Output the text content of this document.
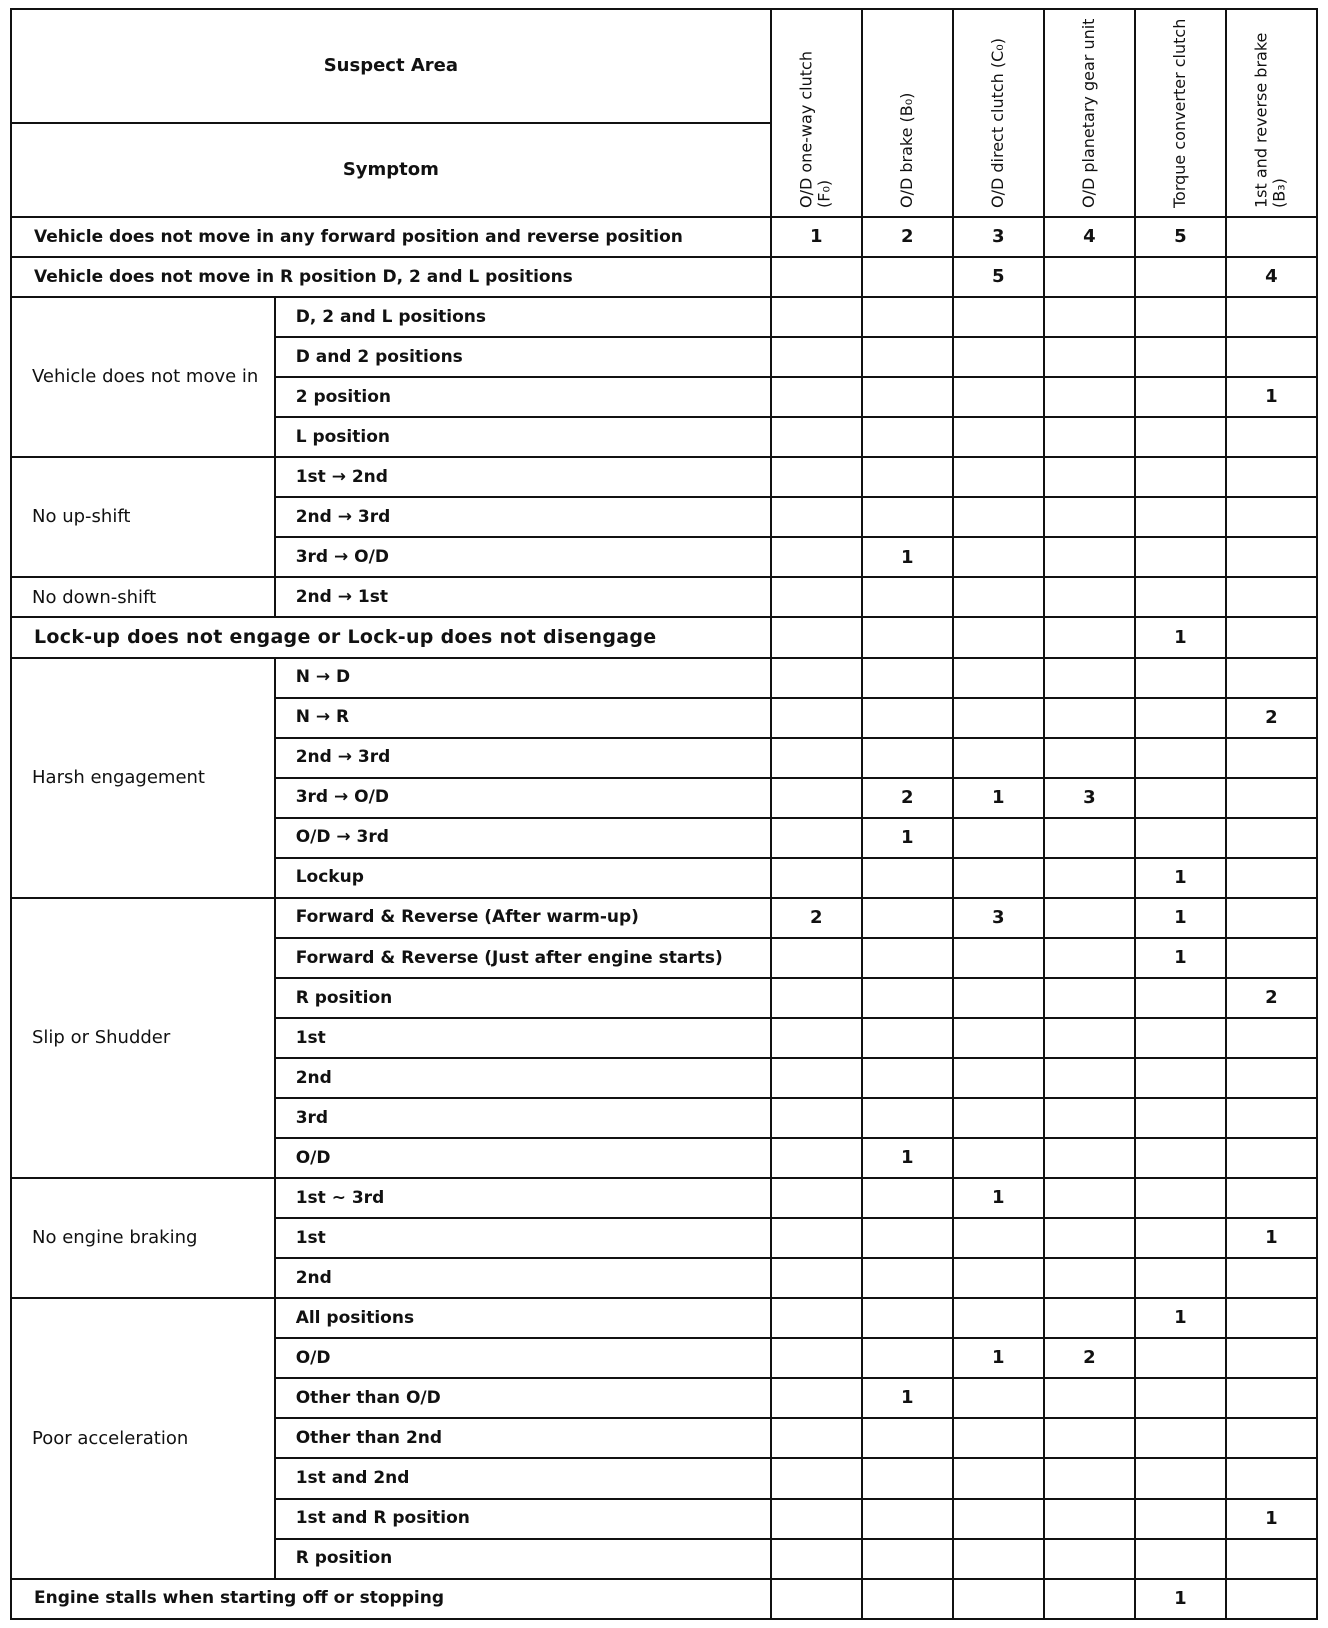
Suspect Area
Symptom		O/D one-way clutch (F₀)	O/D brake (B₀)	O/D direct clutch (C₀)	O/D planetary gear unit	Torque converter clutch	1st and reverse brake (B₃)

Vehicle does not move in any forward position and reverse position		1	2	3	4	5	
Vehicle does not move in R position D, 2 and L positions				5			4
Vehicle does not move in	D, 2 and L positions						
	D and 2 positions						
	2 position						1
	L position						
No up-shift	1st → 2nd						
	2nd → 3rd						
	3rd → O/D		1				
No down-shift	2nd → 1st						
Lock-up does not engage or Lock-up does not disengage						1	
Harsh engagement	N → D						
	N → R						2
	2nd → 3rd						
	3rd → O/D		2	1	3		
	O/D → 3rd		1				
	Lockup					1	
Slip or Shudder	Forward & Reverse (After warm-up)	2		3		1	
	Forward & Reverse (Just after engine starts)					1	
	R position						2
	1st						
	2nd						
	3rd						
	O/D		1				
No engine braking	1st ~ 3rd			1			
	1st						1
	2nd						
Poor acceleration	All positions					1	
	O/D			1	2		
	Other than O/D		1				
	Other than 2nd						
	1st and 2nd						
	1st and R position						1
	R position						
Engine stalls when starting off or stopping						1	
